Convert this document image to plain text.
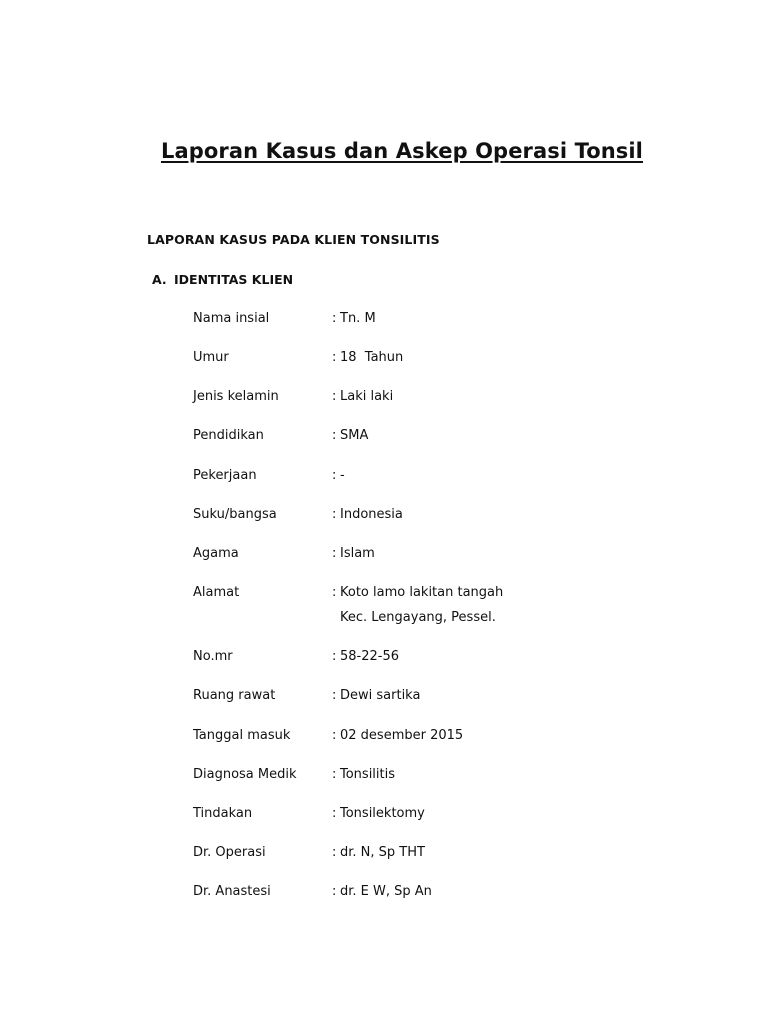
Laporan Kasus dan Askep Operasi Tonsil
LAPORAN KASUS PADA KLIEN TONSILITIS
A. IDENTITAS KLIEN
Nama insial	: Tn. M
Umur	: 18  Tahun
Jenis kelamin	: Laki laki
Pendidikan	: SMA
Pekerjaan	: -
Suku/bangsa	: Indonesia
Agama	: Islam
Alamat	: Koto lamo lakitan tangah
Kec. Lengayang, Pessel.
No.mr	: 58-22-56
Ruang rawat	: Dewi sartika
Tanggal masuk	: 02 desember 2015
Diagnosa Medik	: Tonsilitis
Tindakan	: Tonsilektomy
Dr. Operasi	: dr. N, Sp THT
Dr. Anastesi	: dr. E W, Sp An
